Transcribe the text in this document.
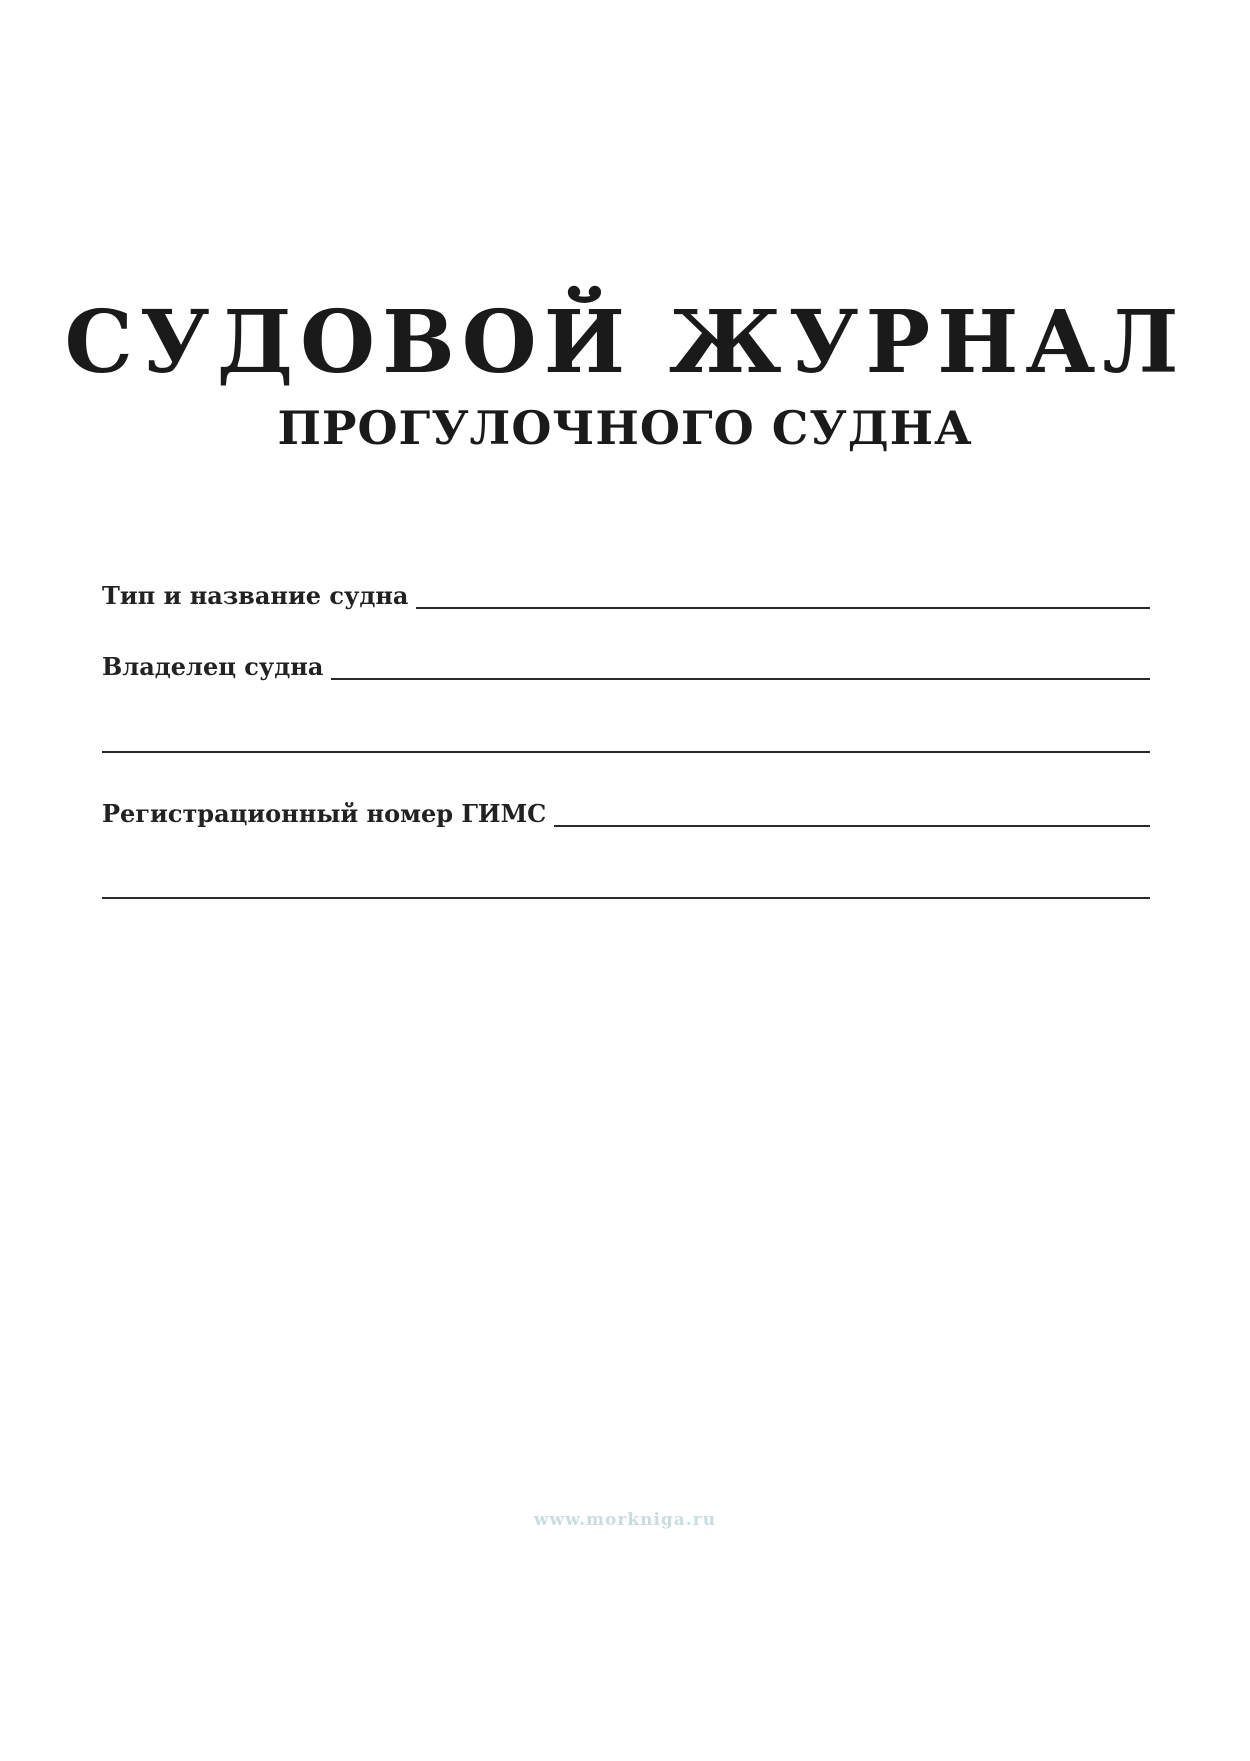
СУДОВОЙ ЖУРНАЛ
ПРОГУЛОЧНОГО СУДНА
Тип и название судна
Владелец судна
Регистрационный номер ГИМС
www.morkniga.ru
